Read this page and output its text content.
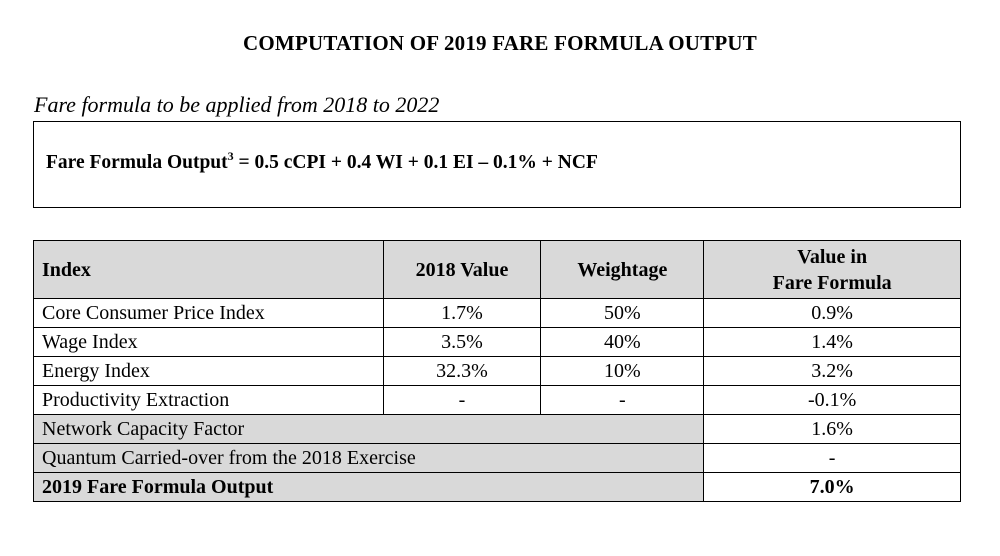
COMPUTATION OF 2019 FARE FORMULA OUTPUT
Fare formula to be applied from 2018 to 2022
Fare Formula Output$^3$ = 0.5 cCPI + 0.4 WI + 0.1 EI – 0.1% + NCF
Index	2018 Value	Weightage	Value in
Fare Formula
Core Consumer Price Index	1.7%	50%	0.9%
Wage Index	3.5%	40%	1.4%
Energy Index	32.3%	10%	3.2%
Productivity Extraction	-	-	-0.1%
Network Capacity Factor			1.6%
Quantum Carried-over from the 2018 Exercise			-
2019 Fare Formula Output			7.0%
